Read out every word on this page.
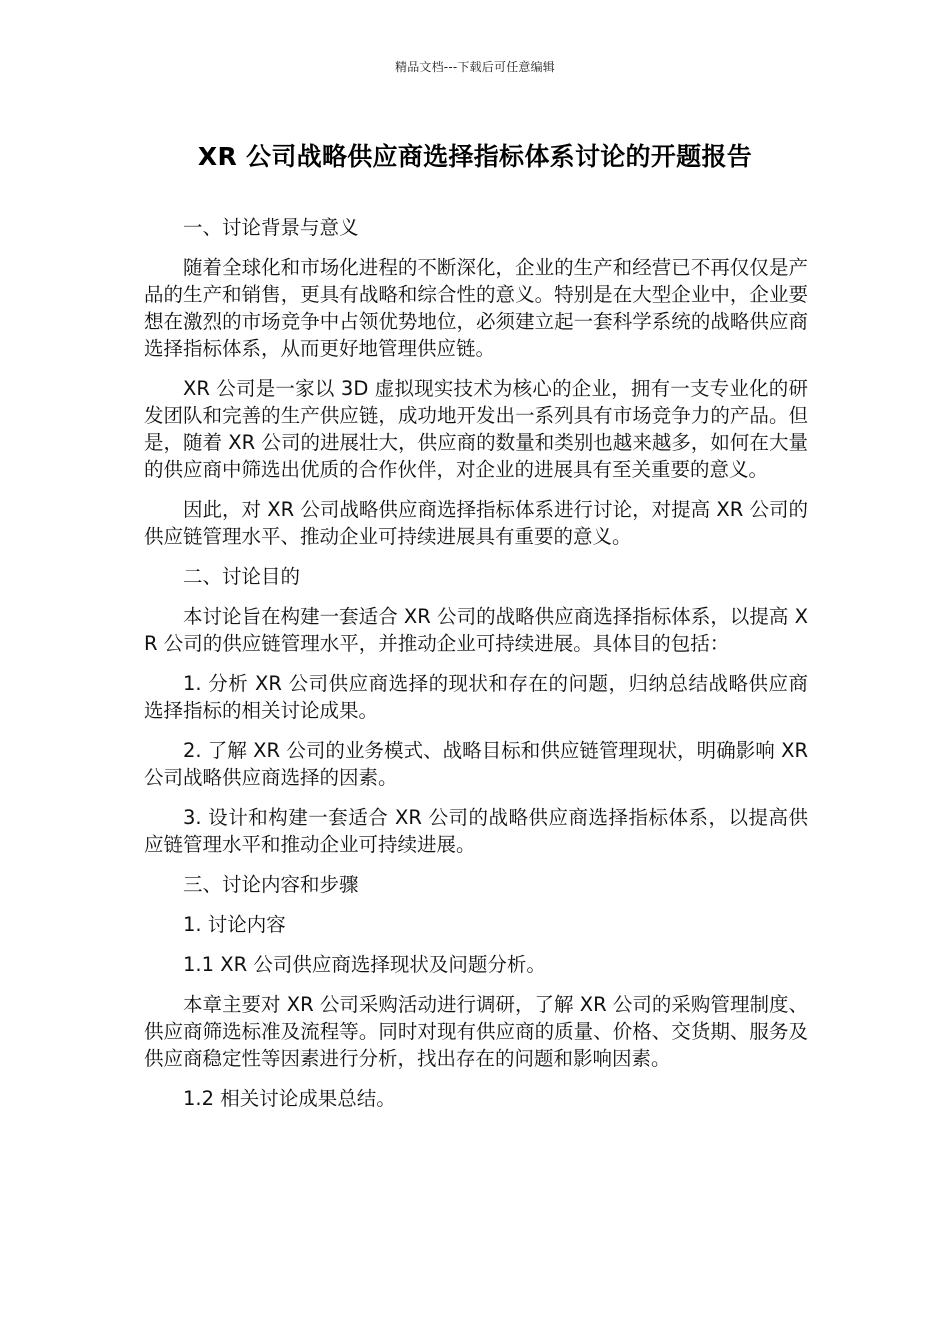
精品文档---下载后可任意编辑
XR 公司战略供应商选择指标体系讨论的开题报告

一、讨论背景与意义

随着全球化和市场化进程的不断深化，企业的生产和经营已不再仅仅是产品的生产和销售，更具有战略和综合性的意义。特别是在大型企业中，企业要想在激烈的市场竞争中占领优势地位，必须建立起一套科学系统的战略供应商选择指标体系，从而更好地管理供应链。

XR 公司是一家以 3D 虚拟现实技术为核心的企业，拥有一支专业化的研发团队和完善的生产供应链，成功地开发出一系列具有市场竞争力的产品。但是，随着 XR 公司的进展壮大，供应商的数量和类别也越来越多，如何在大量的供应商中筛选出优质的合作伙伴，对企业的进展具有至关重要的意义。

因此，对 XR 公司战略供应商选择指标体系进行讨论，对提高 XR 公司的供应链管理水平、推动企业可持续进展具有重要的意义。

二、讨论目的

本讨论旨在构建一套适合 XR 公司的战略供应商选择指标体系，以提高 XR 公司的供应链管理水平，并推动企业可持续进展。具体目的包括：

1. 分析 XR 公司供应商选择的现状和存在的问题，归纳总结战略供应商选择指标的相关讨论成果。

2. 了解 XR 公司的业务模式、战略目标和供应链管理现状，明确影响 XR 公司战略供应商选择的因素。

3. 设计和构建一套适合 XR 公司的战略供应商选择指标体系，以提高供应链管理水平和推动企业可持续进展。

三、讨论内容和步骤

1. 讨论内容

1.1 XR 公司供应商选择现状及问题分析。

本章主要对 XR 公司采购活动进行调研，了解 XR 公司的采购管理制度、供应商筛选标准及流程等。同时对现有供应商的质量、价格、交货期、服务及供应商稳定性等因素进行分析，找出存在的问题和影响因素。

1.2 相关讨论成果总结。
